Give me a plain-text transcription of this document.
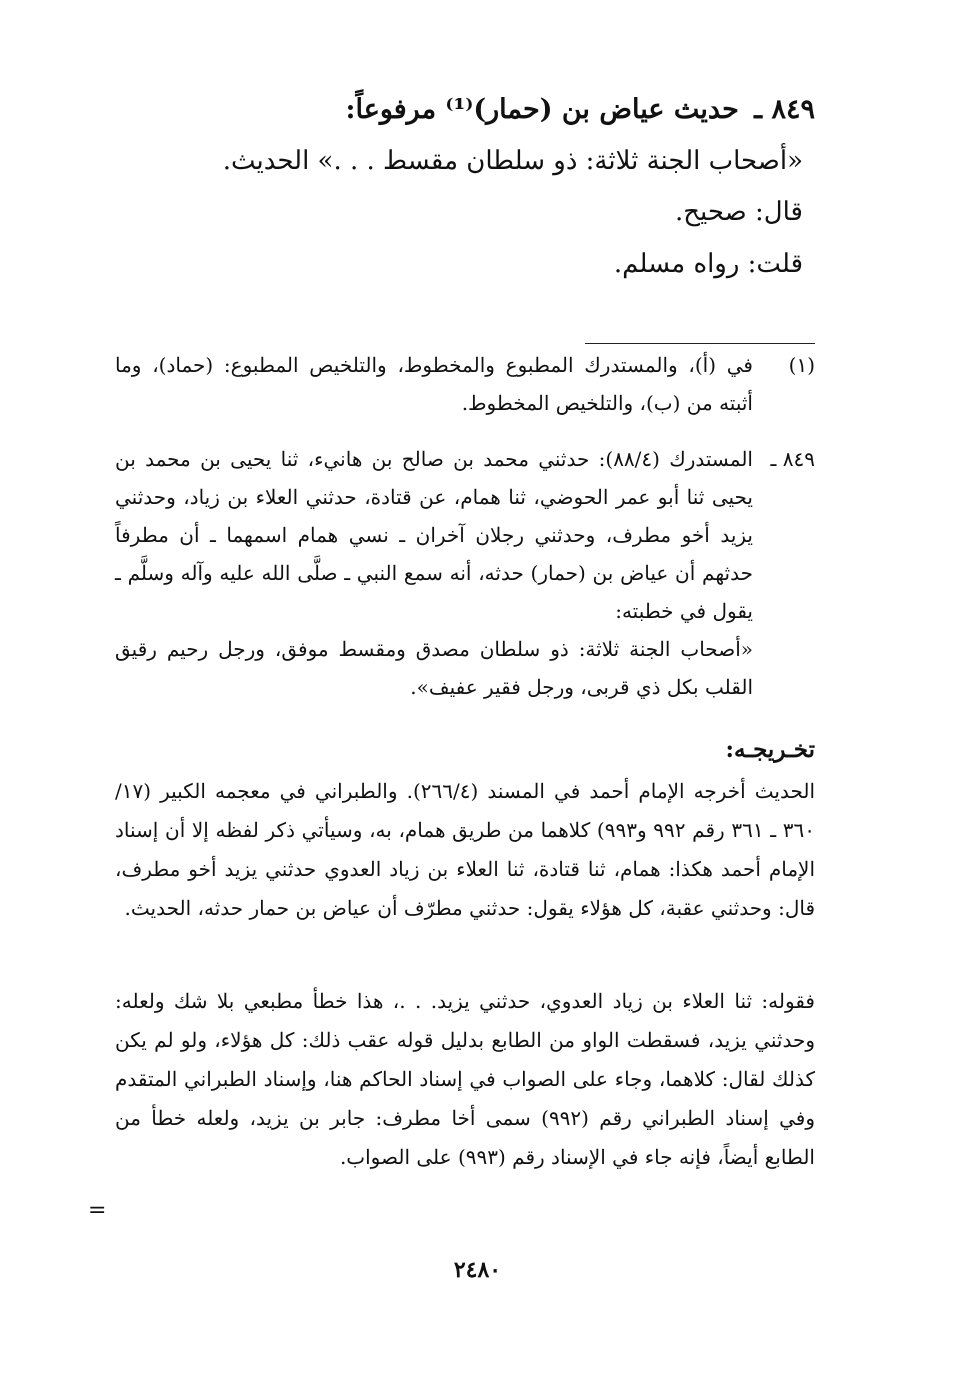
٨٤٩ ـ حديث عياض بن (حمار)⁽¹⁾ مرفوعاً:
«أصحاب الجنة ثلاثة: ذو سلطان مقسط . . .» الحديث.
قال: صحيح.
قلت: رواه مسلم.
(١)
في (أ)، والمستدرك المطبوع والمخطوط، والتلخيص المطبوع: (حماد)، وما أثبته من (ب)، والتلخيص المخطوط.
٨٤٩ ـ
المستدرك (٨٨/٤): حدثني محمد بن صالح بن هانيء، ثنا يحيى بن محمد بن يحيى ثنا أبو عمر الحوضي، ثنا همام، عن قتادة، حدثني العلاء بن زياد، وحدثني يزيد أخو مطرف، وحدثني رجلان آخران ـ نسي همام اسمهما ـ أن مطرفاً حدثهم أن عياض بن (حمار) حدثه، أنه سمع النبي ـ صلَّى الله عليه وآله وسلَّم ـ يقول في خطبته:
«أصحاب الجنة ثلاثة: ذو سلطان مصدق ومقسط موفق، ورجل رحيم رقيق القلب بكل ذي قربى، ورجل فقير عفيف».
تخـريجـه:
الحديث أخرجه الإمام أحمد في المسند (٢٦٦/٤). والطبراني في معجمه الكبير (١٧/ ٣٦٠ ـ ٣٦١ رقم ٩٩٢ و٩٩٣) كلاهما من طريق همام، به، وسيأتي ذكر لفظه إلا أن إسناد الإمام أحمد هكذا: همام، ثنا قتادة، ثنا العلاء بن زياد العدوي حدثني يزيد أخو مطرف، قال: وحدثني عقبة، كل هؤلاء يقول: حدثني مطرّف أن عياض بن حمار حدثه، الحديث.
فقوله: ثنا العلاء بن زياد العدوي، حدثني يزيد. . .، هذا خطأ مطبعي بلا شك ولعله: وحدثني يزيد، فسقطت الواو من الطابع بدليل قوله عقب ذلك: كل هؤلاء، ولو لم يكن كذلك لقال: كلاهما، وجاء على الصواب في إسناد الحاكم هنا، وإسناد الطبراني المتقدم وفي إسناد الطبراني رقم (٩٩٢) سمى أخا مطرف: جابر بن يزيد، ولعله خطأ من الطابع أيضاً، فإنه جاء في الإسناد رقم (٩٩٣) على الصواب.
=
٢٤٨٠
